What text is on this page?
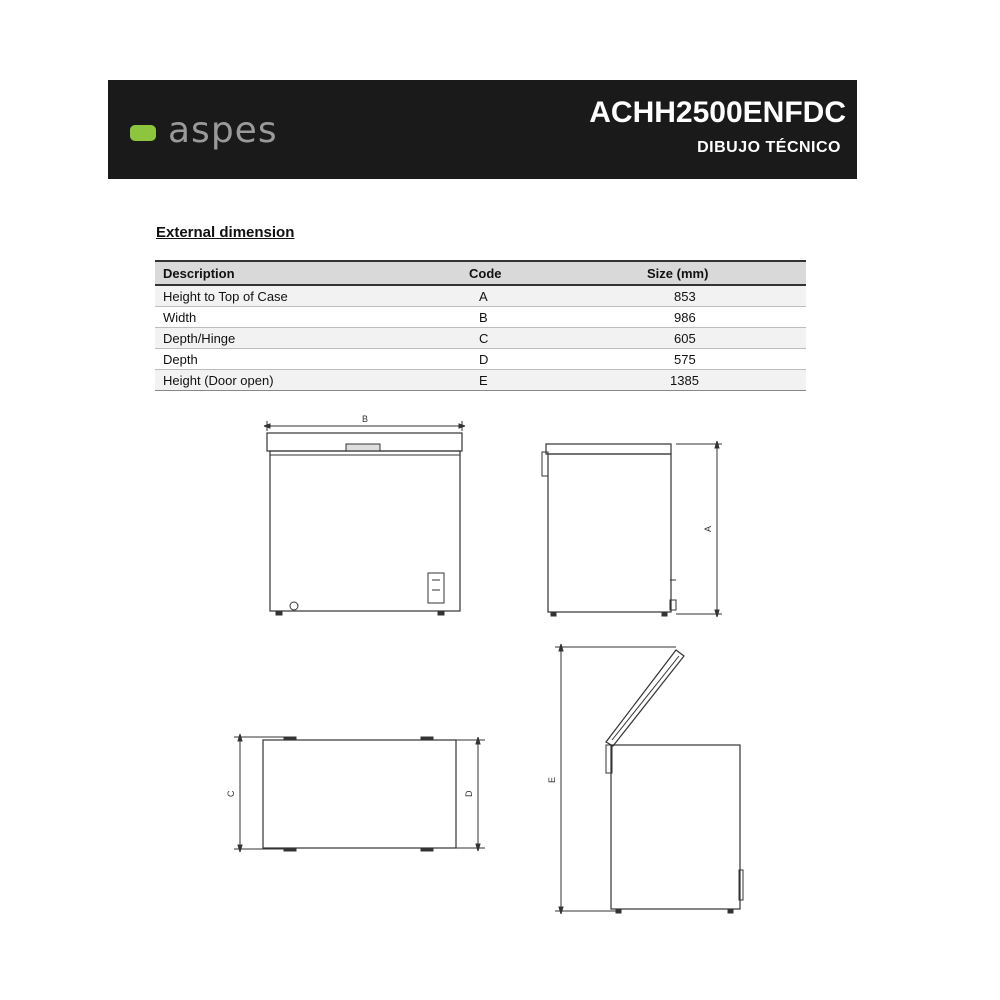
aspes	ACHH2500ENFDC
DIBUJO TÉCNICO
External dimension
Description	Code	Size (mm)
Height to Top of Case	A	853
Width	B	986
Depth/Hinge	C	605
Depth	D	575
Height (Door open)	E	1385
B
A
C	D
E
